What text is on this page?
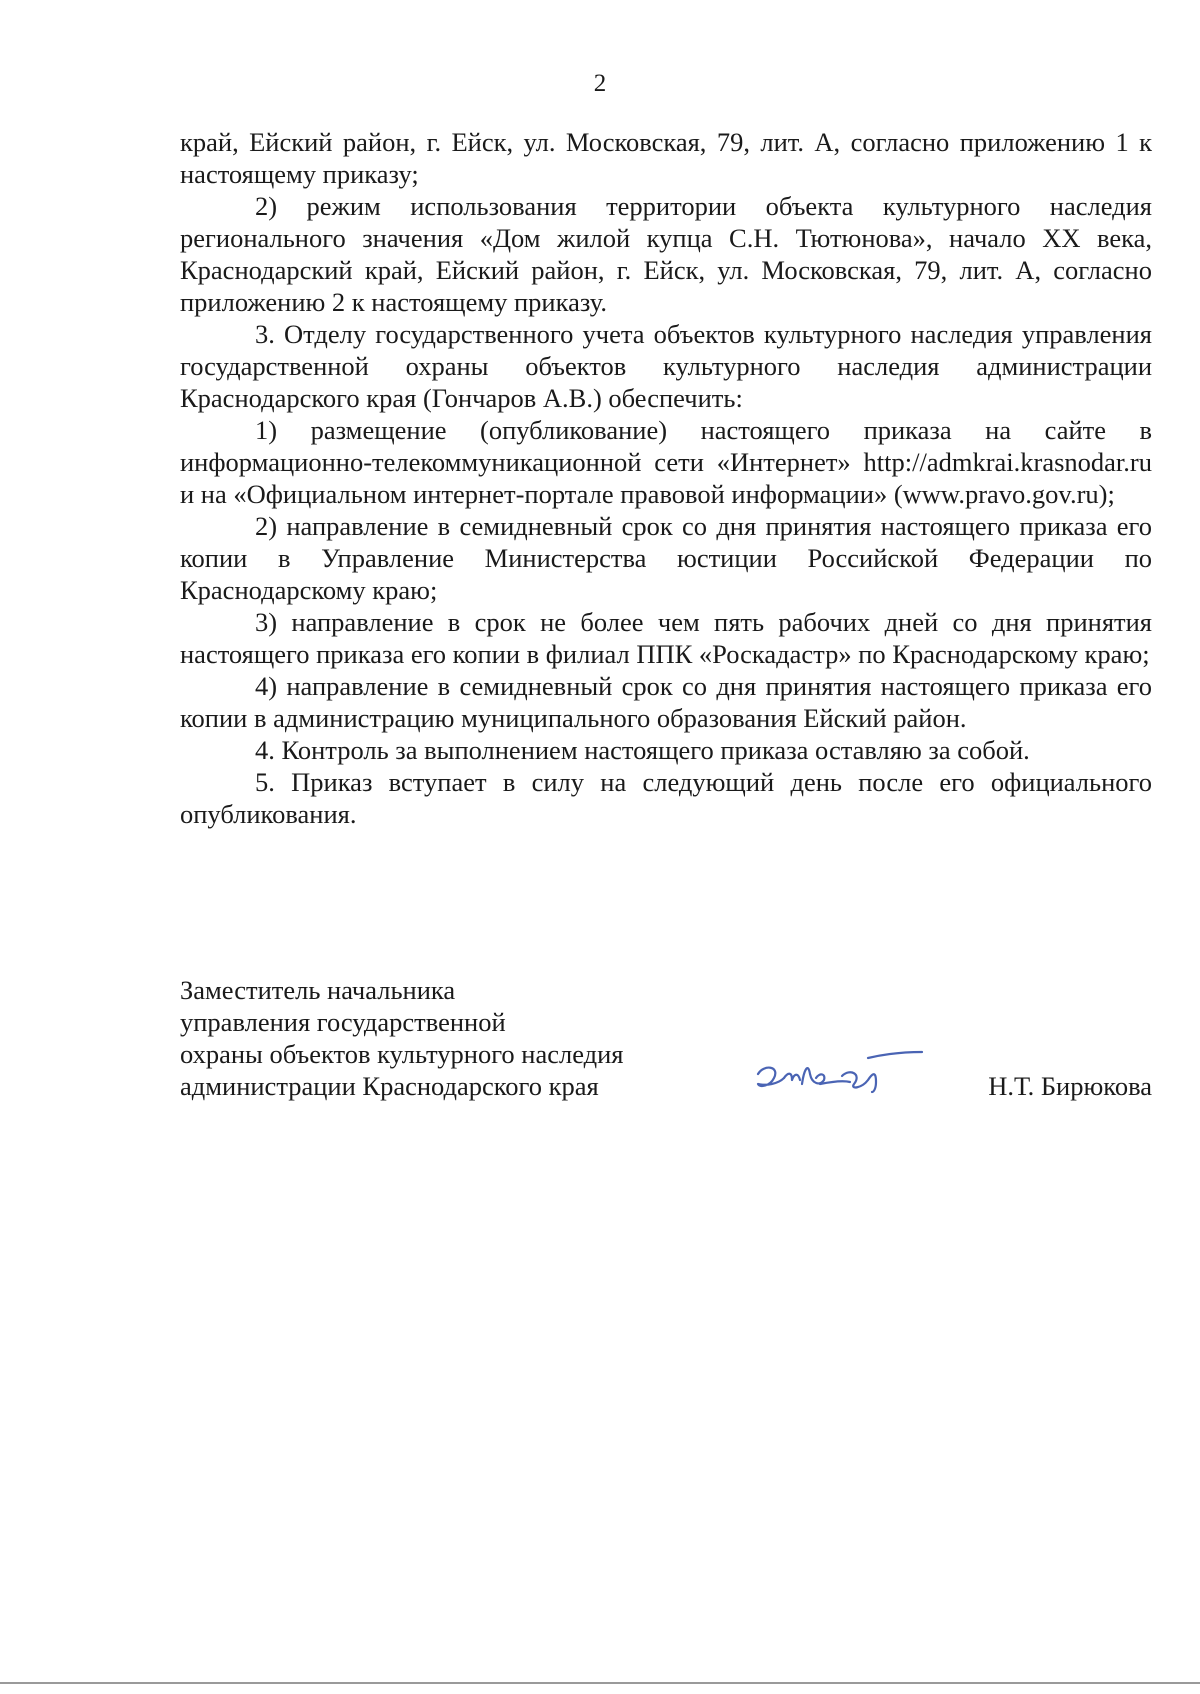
2

край, Ейский район, г. Ейск, ул. Московская, 79, лит. А, согласно приложению 1 к настоящему приказу;

2) режим использования территории объекта культурного наследия регионального значения «Дом жилой купца С.Н. Тютюнова», начало XX века, Краснодарский край, Ейский район, г. Ейск, ул. Московская, 79, лит. А, согласно приложению 2 к настоящему приказу.

3. Отделу государственного учета объектов культурного наследия управления государственной охраны объектов культурного наследия администрации Краснодарского края (Гончаров А.В.) обеспечить:

1) размещение (опубликование) настоящего приказа на сайте в информационно-телекоммуникационной сети «Интернет» http://admkrai.krasnodar.ru и на «Официальном интернет-портале правовой информации» (www.pravo.gov.ru);

2) направление в семидневный срок со дня принятия настоящего приказа его копии в Управление Министерства юстиции Российской Федерации по Краснодарскому краю;

3) направление в срок не более чем пять рабочих дней со дня принятия настоящего приказа его копии в филиал ППК «Роскадастр» по Краснодарскому краю;

4) направление в семидневный срок со дня принятия настоящего приказа его копии в администрацию муниципального образования Ейский район.

4. Контроль за выполнением настоящего приказа оставляю за собой.

5. Приказ вступает в силу на следующий день после его официального опубликования.

Заместитель начальника
управления государственной
охраны объектов культурного наследия
администрации Краснодарского края	Н.Т. Бирюкова
